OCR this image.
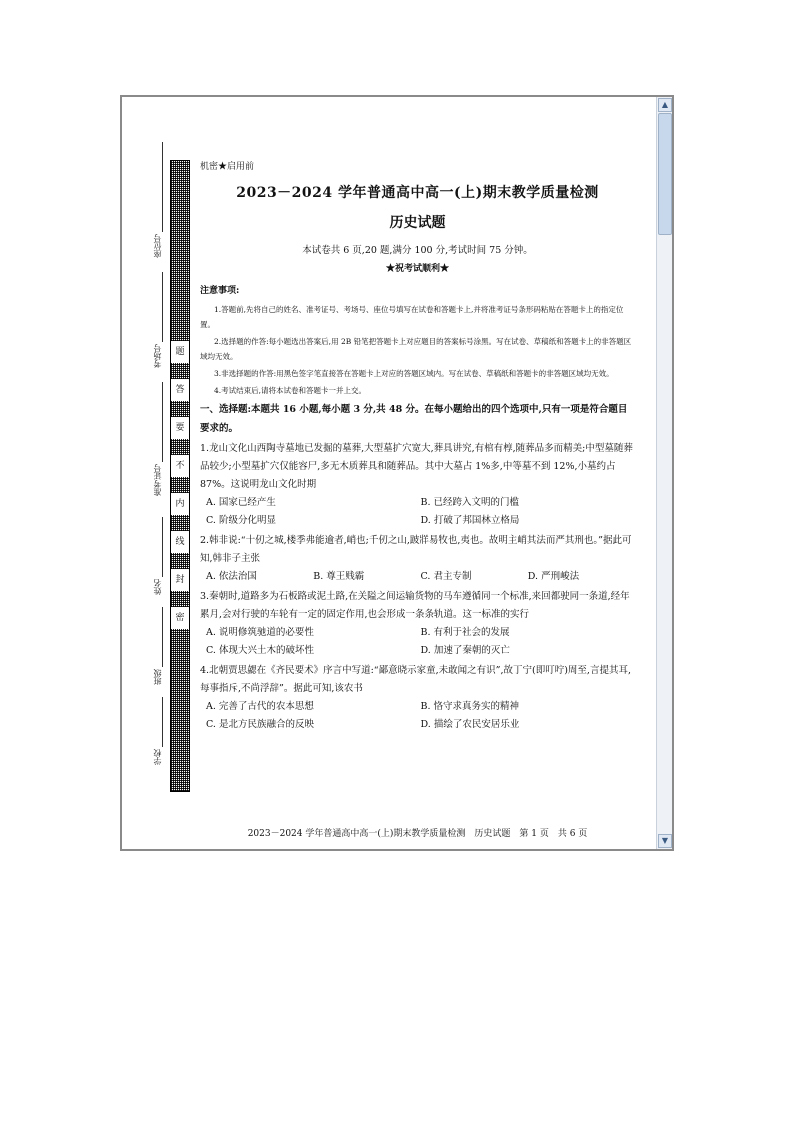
座位号
考场号
准考证号
姓名
班级
学校
题
答
要
不
内
线
封
密
机密★启用前
2023－2024 学年普通高中高一(上)期末教学质量检测
历史试题
本试卷共 6 页,20 题,满分 100 分,考试时间 75 分钟。
★祝考试顺利★
注意事项:
1.答题前,先将自己的姓名、准考证号、考场号、座位号填写在试卷和答题卡上,并将准考证号条形码粘贴在答题卡上的指定位置。
2.选择题的作答:每小题选出答案后,用 2B 铅笔把答题卡上对应题目的答案标号涂黑。写在试卷、草稿纸和答题卡上的非答题区域均无效。
3.非选择题的作答:用黑色签字笔直接答在答题卡上对应的答题区域内。写在试卷、草稿纸和答题卡的非答题区域均无效。
4.考试结束后,请将本试卷和答题卡一并上交。
一、选择题:本题共 16 小题,每小题 3 分,共 48 分。在每小题给出的四个选项中,只有一项是符合题目要求的。
1.龙山文化山西陶寺墓地已发掘的墓葬,大型墓扩穴宽大,葬具讲究,有棺有椁,随葬品多而精美;中型墓随葬品较少;小型墓扩穴仅能容尸,多无木质葬具和随葬品。其中大墓占 1%多,中等墓不到 12%,小墓约占 87%。这说明龙山文化时期
A. 国家已经产生	B. 已经跨入文明的门槛
C. 阶级分化明显	D. 打破了邦国林立格局
2.韩非说:“十仞之城,楼季弗能逾者,峭也;千仞之山,跛牂易牧也,夷也。故明主峭其法而严其刑也。”据此可知,韩非子主张
A. 依法治国	B. 尊王贱霸	C. 君主专制	D. 严刑峻法
3.秦朝时,道路多为石板路或泥土路,在关隘之间运输货物的马车遵循同一个标准,来回都驶同一条道,经年累月,会对行驶的车轮有一定的固定作用,也会形成一条条轨道。这一标准的实行
A. 说明修筑驰道的必要性	B. 有利于社会的发展
C. 体现大兴土木的破坏性	D. 加速了秦朝的灭亡
4.北朝贾思勰在《齐民要术》序言中写道:“鄙意晓示家童,未敢闻之有识”,故丁宁(即叮咛)周至,言提其耳,每事指斥,不尚浮辞”。据此可知,该农书
A. 完善了古代的农本思想	B. 恪守求真务实的精神
C. 是北方民族融合的反映	D. 描绘了农民安居乐业
2023－2024 学年普通高中高一(上)期末教学质量检测　历史试题　第 1 页　共 6 页
▲
▼
